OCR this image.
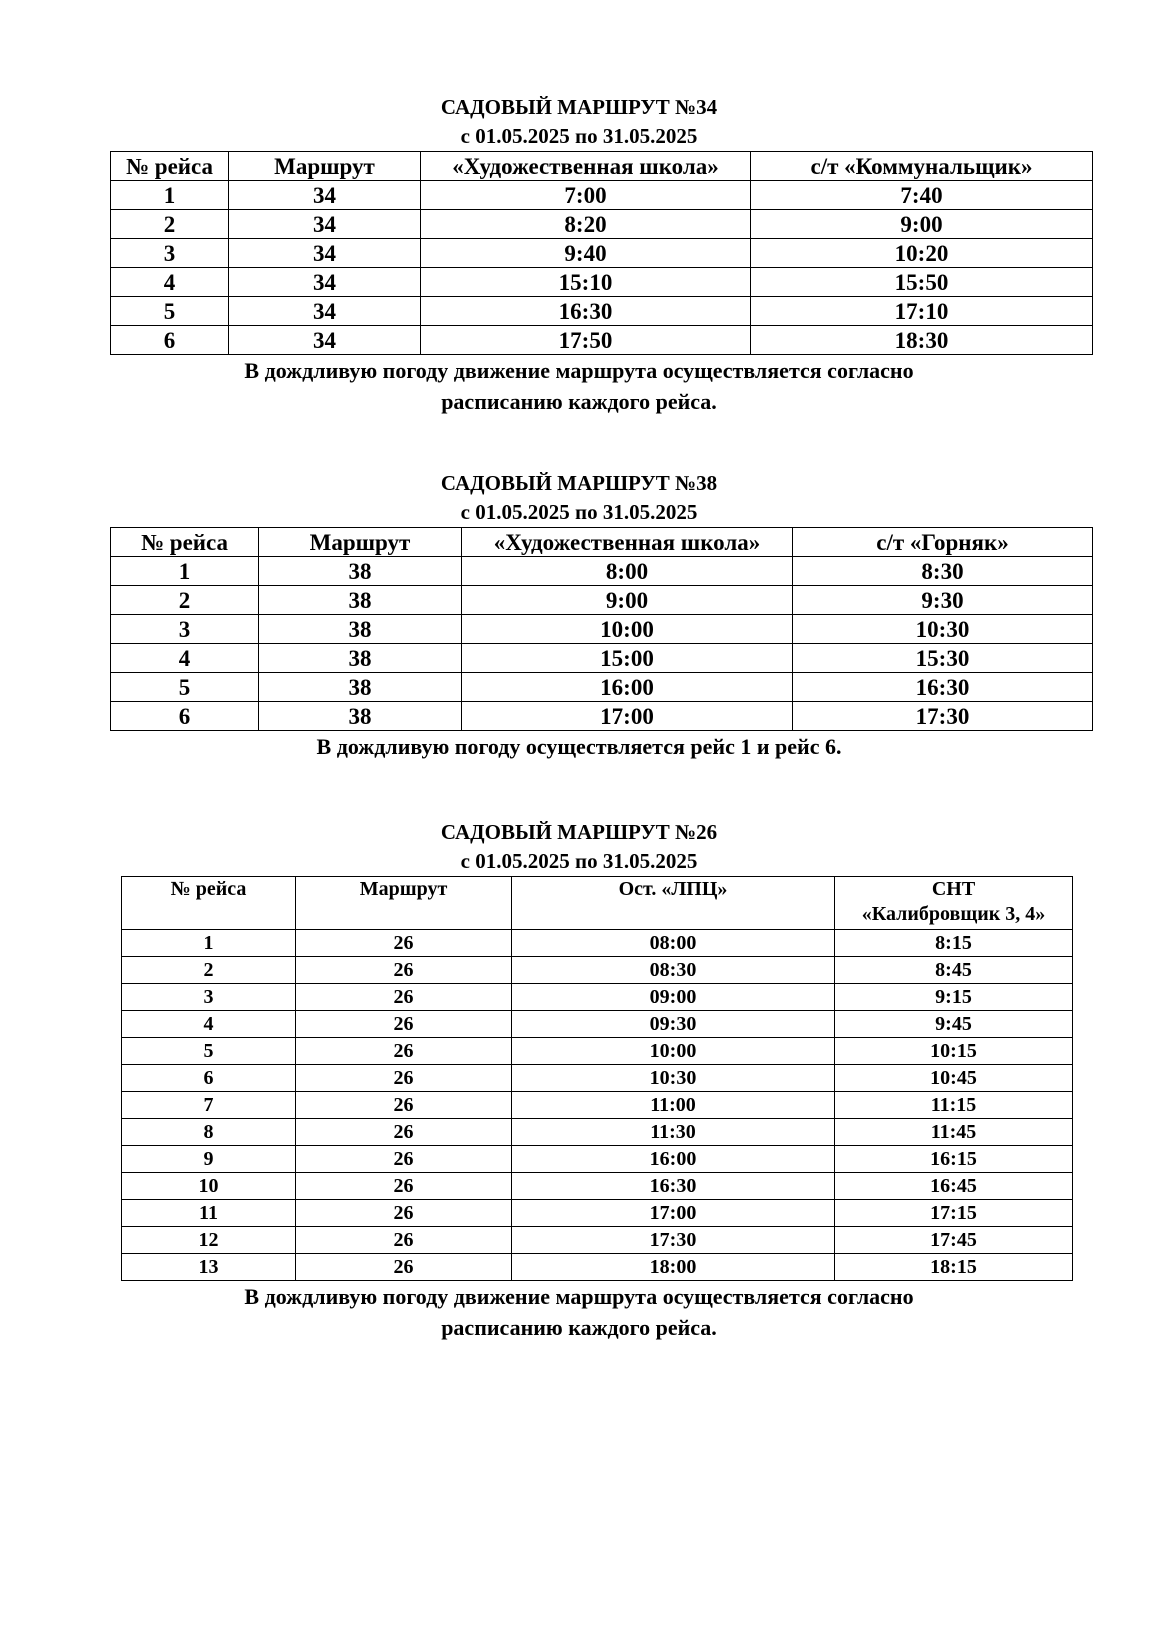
САДОВЫЙ МАРШРУТ №34
с 01.05.2025 по 31.05.2025
№ рейса	Маршрут	«Художественная школа»	с/т «Коммунальщик»
1	34	7:00	7:40
2	34	8:20	9:00
3	34	9:40	10:20
4	34	15:10	15:50
5	34	16:30	17:10
6	34	17:50	18:30
В дождливую погоду движение маршрута осуществляется согласно
расписанию каждого рейса.
САДОВЫЙ МАРШРУТ №38
с 01.05.2025 по 31.05.2025
№ рейса	Маршрут	«Художественная школа»	с/т «Горняк»
1	38	8:00	8:30
2	38	9:00	9:30
3	38	10:00	10:30
4	38	15:00	15:30
5	38	16:00	16:30
6	38	17:00	17:30
В дождливую погоду осуществляется рейс 1 и рейс 6.
САДОВЫЙ МАРШРУТ №26
с 01.05.2025 по 31.05.2025
№ рейса	Маршрут	Ост. «ЛПЦ»	СНТ
«Калибровщик 3, 4»

1	26	08:00	8:15
2	26	08:30	8:45
3	26	09:00	9:15
4	26	09:30	9:45
5	26	10:00	10:15
6	26	10:30	10:45
7	26	11:00	11:15
8	26	11:30	11:45
9	26	16:00	16:15
10	26	16:30	16:45
11	26	17:00	17:15
12	26	17:30	17:45
13	26	18:00	18:15
В дождливую погоду движение маршрута осуществляется согласно
расписанию каждого рейса.
